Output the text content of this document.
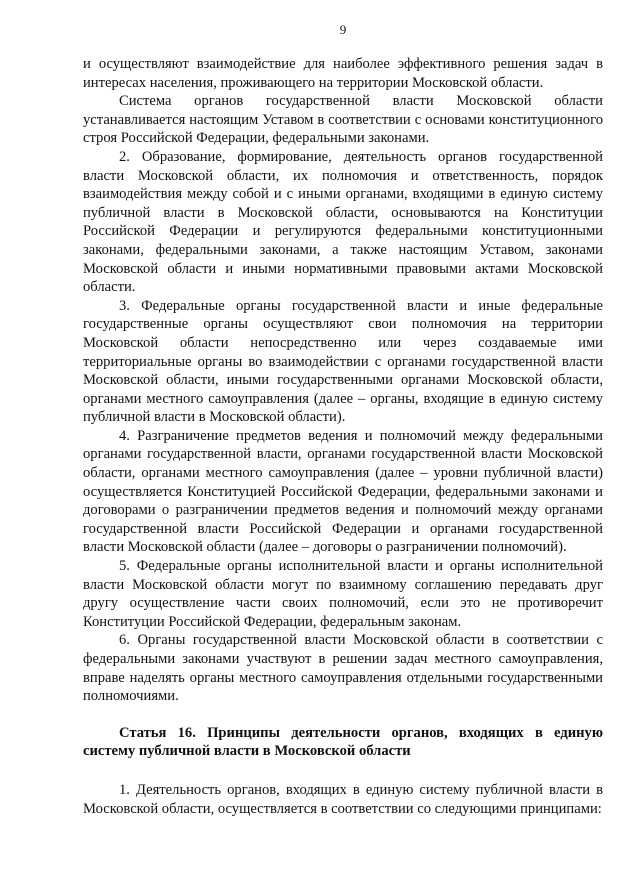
9

и осуществляют взаимодействие для наиболее эффективного решения задач в интересах населения, проживающего на территории Московской области.

Система органов государственной власти Московской области устанавливается настоящим Уставом в соответствии с основами конституционного строя Российской Федерации, федеральными законами.

2. Образование, формирование, деятельность органов государственной власти Московской области, их полномочия и ответственность, порядок взаимодействия между собой и с иными органами, входящими в единую систему публичной власти в Московской области, основываются на Конституции Российской Федерации и регулируются федеральными конституционными законами, федеральными законами, а также настоящим Уставом, законами Московской области и иными нормативными правовыми актами Московской области.

3. Федеральные органы государственной власти и иные федеральные государственные органы осуществляют свои полномочия на территории Московской области непосредственно или через создаваемые ими территориальные органы во взаимодействии с органами государственной власти Московской области, иными государственными органами Московской области, органами местного самоуправления (далее – органы, входящие в единую систему публичной власти в Московской области).

4. Разграничение предметов ведения и полномочий между федеральными органами государственной власти, органами государственной власти Московской области, органами местного самоуправления (далее – уровни публичной власти) осуществляется Конституцией Российской Федерации, федеральными законами и договорами о разграничении предметов ведения и полномочий между органами государственной власти Российской Федерации и органами государственной власти Московской области (далее – договоры о разграничении полномочий).

5. Федеральные органы исполнительной власти и органы исполнительной власти Московской области могут по взаимному соглашению передавать друг другу осуществление части своих полномочий, если это не противоречит Конституции Российской Федерации, федеральным законам.

6. Органы государственной власти Московской области в соответствии с федеральными законами участвуют в решении задач местного самоуправления, вправе наделять органы местного самоуправления отдельными государственными полномочиями.

Статья 16. Принципы деятельности органов, входящих в единую систему публичной власти в Московской области

1. Деятельность органов, входящих в единую систему публичной власти в Московской области, осуществляется в соответствии со следующими принципами:
